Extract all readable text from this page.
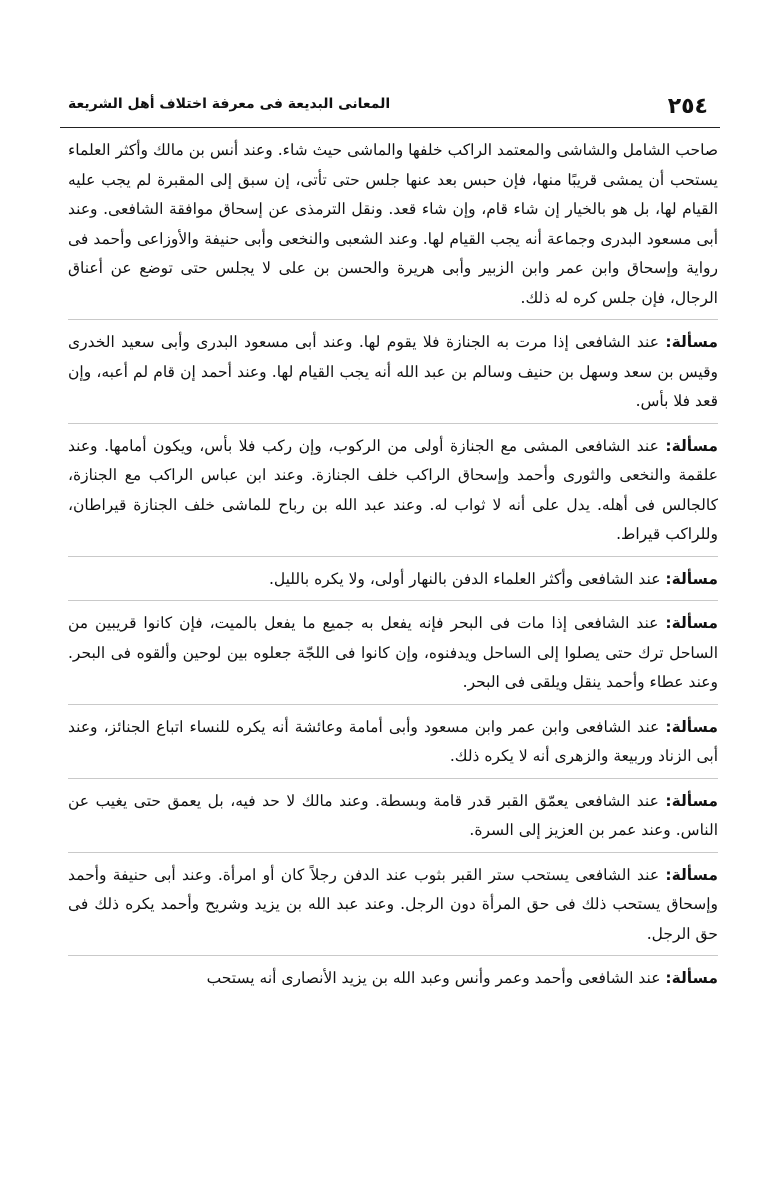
٢٥٤
المعانى البديعة فى معرفة اختلاف أهل الشريعة

صاحب الشامل والشاشى والمعتمد الراكب خلفها والماشى حيث شاء. وعند أنس بن مالك وأكثر العلماء يستحب أن يمشى قريبًا منها، فإن حبس بعد عنها جلس حتى تأتى، إن سبق إلى المقبرة لم يجب عليه القيام لها، بل هو بالخيار إن شاء قام، وإن شاء قعد. ونقل الترمذى عن إسحاق موافقة الشافعى. وعند أبى مسعود البدرى وجماعة أنه يجب القيام لها. وعند الشعبى والنخعى وأبى حنيفة والأوزاعى وأحمد فى رواية وإسحاق وابن عمر وابن الزبير وأبى هريرة والحسن بن على لا يجلس حتى توضع عن أعناق الرجال، فإن جلس كره له ذلك.

مسألة: عند الشافعى إذا مرت به الجنازة فلا يقوم لها. وعند أبى مسعود البدرى وأبى سعيد الخدرى وقيس بن سعد وسهل بن حنيف وسالم بن عبد الله أنه يجب القيام لها. وعند أحمد إن قام لم أعبه، وإن قعد فلا بأس.

مسألة: عند الشافعى المشى مع الجنازة أولى من الركوب، وإن ركب فلا بأس، ويكون أمامها. وعند علقمة والنخعى والثورى وأحمد وإسحاق الراكب خلف الجنازة. وعند ابن عباس الراكب مع الجنازة، كالجالس فى أهله. يدل على أنه لا ثواب له. وعند عبد الله بن رباح للماشى خلف الجنازة قيراطان، وللراكب قيراط.

مسألة: عند الشافعى وأكثر العلماء الدفن بالنهار أولى، ولا يكره بالليل.

مسألة: عند الشافعى إذا مات فى البحر فإنه يفعل به جميع ما يفعل بالميت، فإن كانوا قريبين من الساحل ترك حتى يصلوا إلى الساحل ويدفنوه، وإن كانوا فى اللجّة جعلوه بين لوحين وألقوه فى البحر. وعند عطاء وأحمد ينقل ويلقى فى البحر.

مسألة: عند الشافعى وابن عمر وابن مسعود وأبى أمامة وعائشة أنه يكره للنساء اتباع الجنائز، وعند أبى الزناد وربيعة والزهرى أنه لا يكره ذلك.

مسألة: عند الشافعى يعمّق القبر قدر قامة وبسطة. وعند مالك لا حد فيه، بل يعمق حتى يغيب عن الناس. وعند عمر بن العزيز إلى السرة.

مسألة: عند الشافعى يستحب ستر القبر بثوب عند الدفن رجلاً كان أو امرأة. وعند أبى حنيفة وأحمد وإسحاق يستحب ذلك فى حق المرأة دون الرجل. وعند عبد الله بن يزيد وشريح وأحمد يكره ذلك فى حق الرجل.

مسألة: عند الشافعى وأحمد وعمر وأنس وعبد الله بن يزيد الأنصارى أنه يستحب
